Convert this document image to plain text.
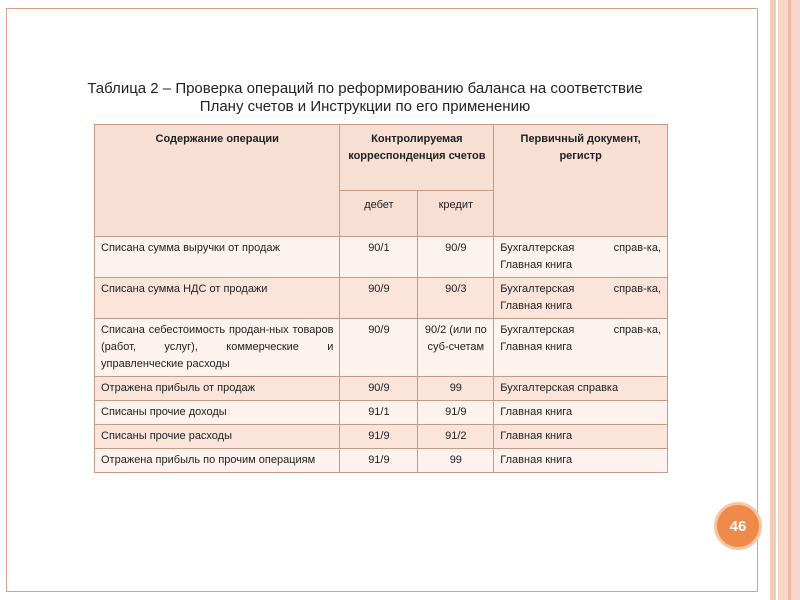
Таблица 2 – Проверка операций по реформированию баланса на соответствие
Плану счетов и Инструкции по его применению
Содержание операции	Контролируемая корреспонденция счетов		Первичный документ, регистр
	дебет	кредит	
Списана сумма выручки от продаж	90/1	90/9	Бухгалтерская справ-ка, Главная книга
Списана сумма НДС от продажи	90/9	90/3	Бухгалтерская справ-ка, Главная книга
Списана себестоимость продан-ных товаров (работ, услуг), коммерческие и управленческие расходы	90/9	90/2 (или по суб-счетам	Бухгалтерская справ-ка, Главная книга
Отражена прибыль от продаж	90/9	99	Бухгалтерская справка
Списаны прочие доходы	91/1	91/9	Главная книга
Списаны прочие расходы	91/9	91/2	Главная книга
Отражена прибыль по прочим операциям	91/9	99	Главная книга
46
